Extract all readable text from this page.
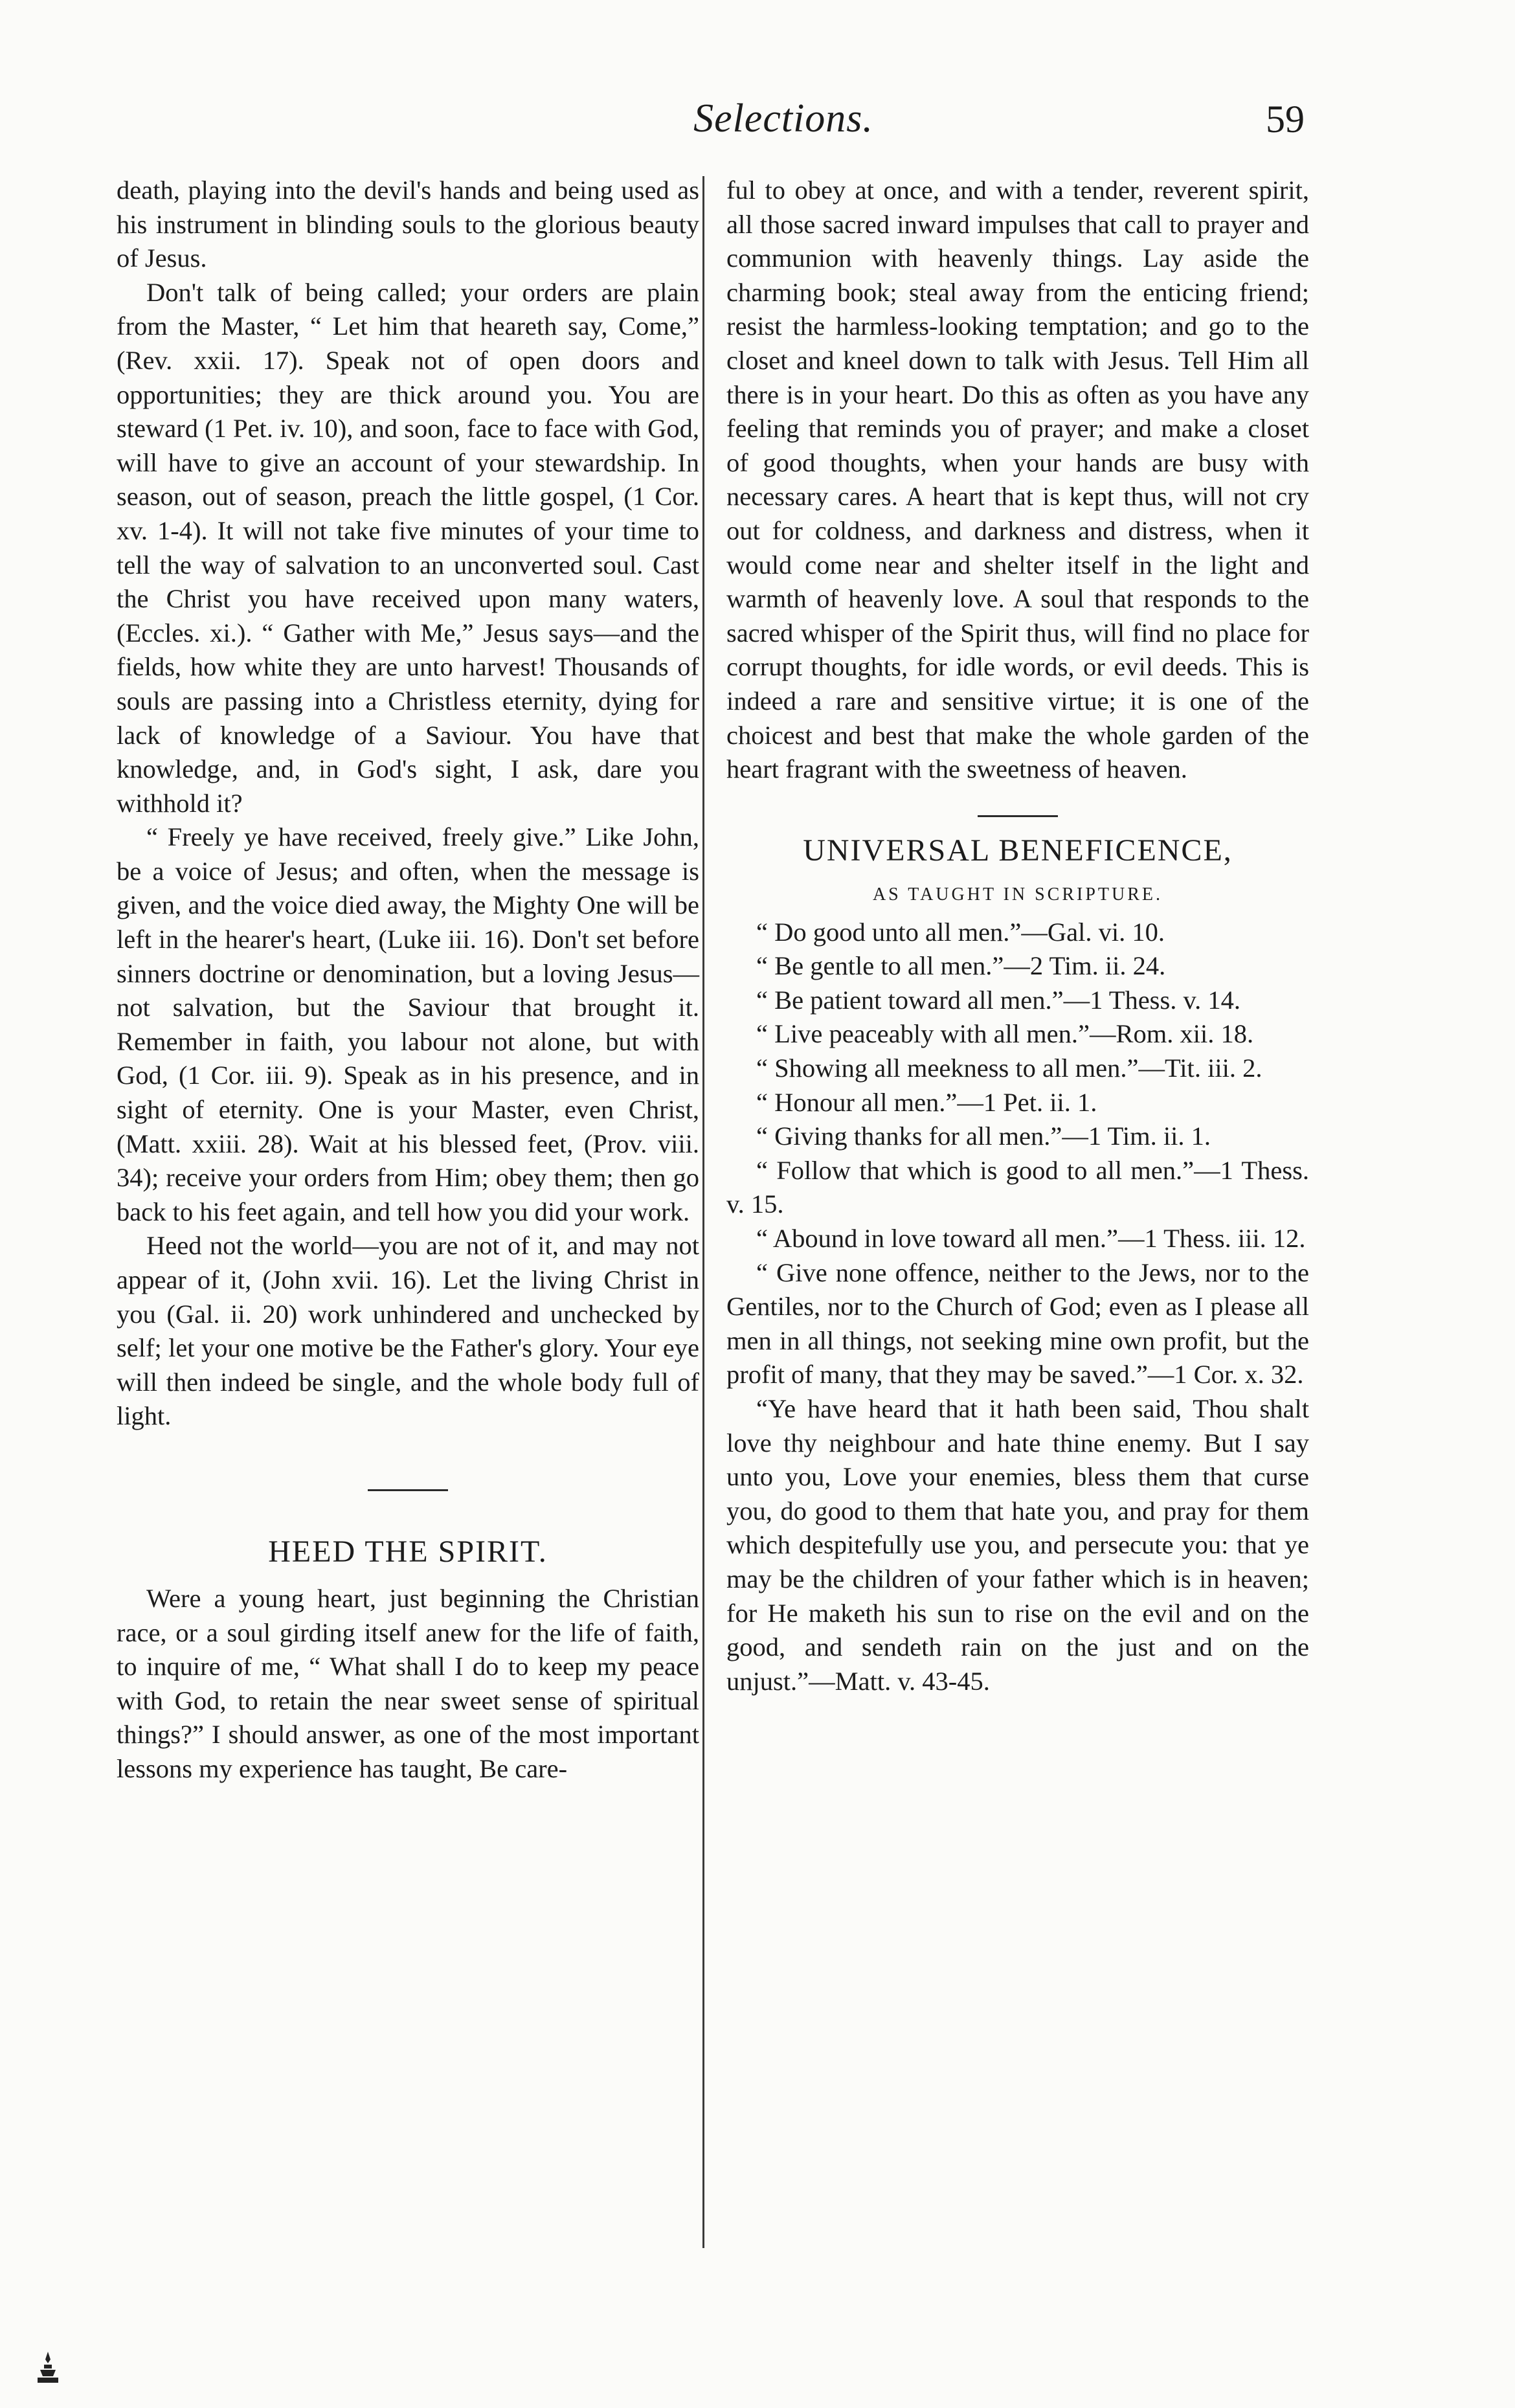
Selections.	59

death, playing into the devil's hands and being used as his instrument in blinding souls to the glorious beauty of Jesus.

Don't talk of being called; your orders are plain from the Master, “ Let him that heareth say, Come,” (Rev. xxii. 17). Speak not of open doors and opportunities; they are thick around you. You are steward (1 Pet. iv. 10), and soon, face to face with God, will have to give an account of your stewardship. In season, out of season, preach the little gospel, (1 Cor. xv. 1-4). It will not take five minutes of your time to tell the way of salvation to an unconverted soul. Cast the Christ you have received upon many waters, (Eccles. xi.). “ Gather with Me,” Jesus says—and the fields, how white they are unto harvest! Thousands of souls are passing into a Christless eternity, dying for lack of knowledge of a Saviour. You have that knowledge, and, in God's sight, I ask, dare you withhold it?

“ Freely ye have received, freely give.” Like John, be a voice of Jesus; and often, when the message is given, and the voice died away, the Mighty One will be left in the hearer's heart, (Luke iii. 16). Don't set before sinners doctrine or denomination, but a loving Jesus—not salvation, but the Saviour that brought it. Remember in faith, you labour not alone, but with God, (1 Cor. iii. 9). Speak as in his presence, and in sight of eternity. One is your Master, even Christ, (Matt. xxiii. 28). Wait at his blessed feet, (Prov. viii. 34); receive your orders from Him; obey them; then go back to his feet again, and tell how you did your work.

Heed not the world—you are not of it, and may not appear of it, (John xvii. 16). Let the living Christ in you (Gal. ii. 20) work unhindered and unchecked by self; let your one motive be the Father's glory. Your eye will then indeed be single, and the whole body full of light.

HEED THE SPIRIT.

Were a young heart, just beginning the Christian race, or a soul girding itself anew for the life of faith, to inquire of me, “ What shall I do to keep my peace with God, to retain the near sweet sense of spiritual things?” I should answer, as one of the most important lessons my experience has taught, Be care-

ful to obey at once, and with a tender, reverent spirit, all those sacred inward impulses that call to prayer and communion with heavenly things. Lay aside the charming book; steal away from the enticing friend; resist the harmless-looking temptation; and go to the closet and kneel down to talk with Jesus. Tell Him all there is in your heart. Do this as often as you have any feeling that reminds you of prayer; and make a closet of good thoughts, when your hands are busy with necessary cares. A heart that is kept thus, will not cry out for coldness, and darkness and distress, when it would come near and shelter itself in the light and warmth of heavenly love. A soul that responds to the sacred whisper of the Spirit thus, will find no place for corrupt thoughts, for idle words, or evil deeds. This is indeed a rare and sensitive virtue; it is one of the choicest and best that make the whole garden of the heart fragrant with the sweetness of heaven.

UNIVERSAL BENEFICENCE,
AS TAUGHT IN SCRIPTURE.

“ Do good unto all men.”—Gal. vi. 10.

“ Be gentle to all men.”—2 Tim. ii. 24.

“ Be patient toward all men.”—1 Thess. v. 14.

“ Live peaceably with all men.”—Rom. xii. 18.

“ Showing all meekness to all men.”—Tit. iii. 2.

“ Honour all men.”—1 Pet. ii. 1.

“ Giving thanks for all men.”—1 Tim. ii. 1.

“ Follow that which is good to all men.”—1 Thess. v. 15.

“ Abound in love toward all men.”—1 Thess. iii. 12.

“ Give none offence, neither to the Jews, nor to the Gentiles, nor to the Church of God; even as I please all men in all things, not seeking mine own profit, but the profit of many, that they may be saved.”—1 Cor. x. 32.

“Ye have heard that it hath been said, Thou shalt love thy neighbour and hate thine enemy. But I say unto you, Love your enemies, bless them that curse you, do good to them that hate you, and pray for them which despitefully use you, and persecute you: that ye may be the children of your father which is in heaven; for He maketh his sun to rise on the evil and on the good, and sendeth rain on the just and on the unjust.”—Matt. v. 43-45.
